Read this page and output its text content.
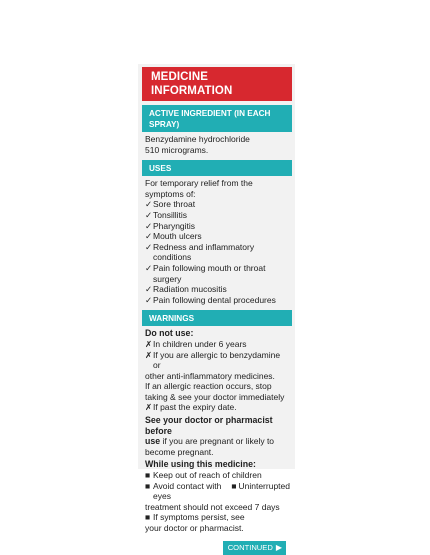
MEDICINE INFORMATION
ACTIVE INGREDIENT (IN EACH SPRAY)
Benzydamine hydrochloride
510 micrograms.
USES
For temporary relief from the symptoms of:
✓ Sore throat
✓ Tonsillitis
✓ Pharyngitis
✓ Mouth ulcers
✓ Redness and inflammatory conditions
✓ Pain following mouth or throat surgery
✓ Radiation mucositis
✓ Pain following dental procedures
WARNINGS
Do not use:
✗ In children under 6 years
✗ If you are allergic to benzydamine or
other anti-inflammatory medicines.
If an allergic reaction occurs, stop
taking & see your doctor immediately
✗ If past the expiry date.
See your doctor or pharmacist before
use if you are pregnant or likely to
become pregnant.
While using this medicine:
■ Keep out of reach of children
■ Avoid contact with eyes
■ Uninterrupted
treatment should not exceed 7 days
■ If symptoms persist, see
your doctor or pharmacist.
CONTINUED ▶
